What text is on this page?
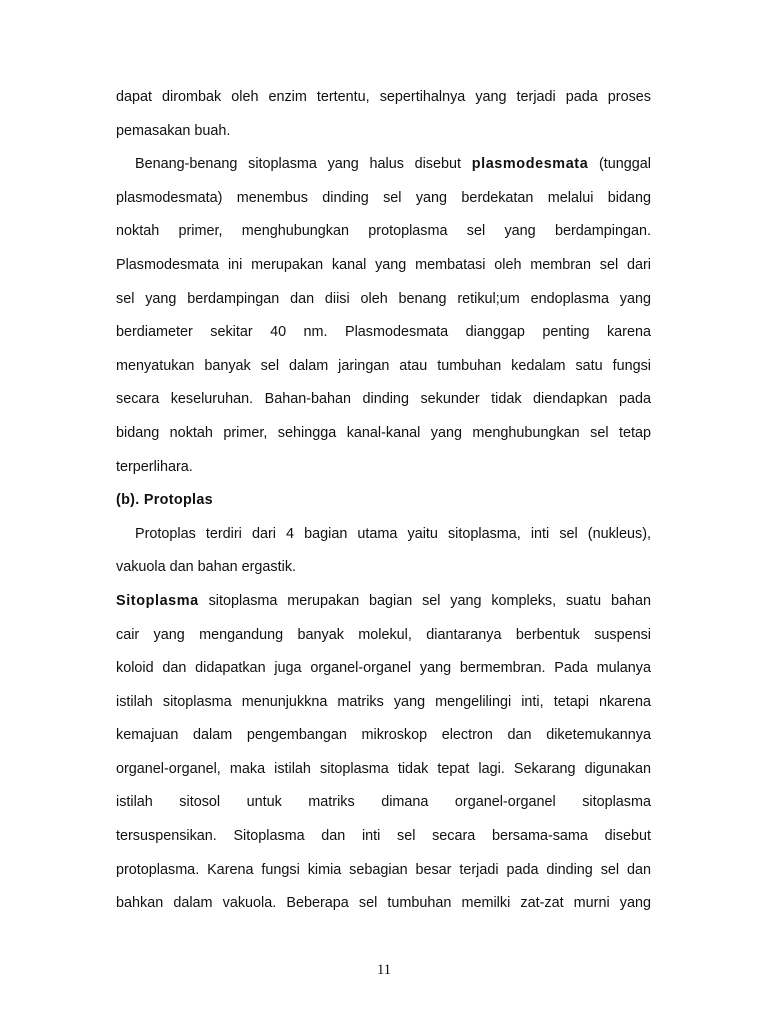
dapat dirombak oleh enzim tertentu, sepertihalnya yang terjadi pada proses
pemasakan buah.
Benang-benang sitoplasma yang halus disebut plasmodesmata (tunggal
plasmodesmata) menembus dinding sel yang berdekatan melalui bidang
noktah primer, menghubungkan protoplasma sel yang berdampingan.
Plasmodesmata ini merupakan kanal yang membatasi oleh membran sel dari
sel yang berdampingan dan diisi oleh benang retikul;um endoplasma yang
berdiameter sekitar 40 nm. Plasmodesmata dianggap penting karena
menyatukan banyak sel dalam jaringan atau tumbuhan kedalam satu fungsi
secara keseluruhan. Bahan-bahan dinding sekunder tidak diendapkan pada
bidang noktah primer, sehingga kanal-kanal yang menghubungkan sel tetap
terperlihara.
(b). Protoplas
Protoplas terdiri dari 4 bagian utama yaitu sitoplasma, inti sel (nukleus),
vakuola dan bahan ergastik.
Sitoplasma sitoplasma merupakan bagian sel yang kompleks, suatu bahan
cair yang mengandung banyak molekul, diantaranya berbentuk suspensi
koloid dan didapatkan juga organel-organel yang bermembran. Pada mulanya
istilah sitoplasma menunjukkna matriks yang mengelilingi inti, tetapi nkarena
kemajuan dalam pengembangan mikroskop electron dan diketemukannya
organel-organel, maka istilah sitoplasma tidak tepat lagi. Sekarang digunakan
istilah sitosol untuk matriks dimana organel-organel sitoplasma
tersuspensikan. Sitoplasma dan inti sel secara bersama-sama disebut
protoplasma. Karena fungsi kimia sebagian besar terjadi pada dinding sel dan
bahkan dalam vakuola. Beberapa sel tumbuhan memilki zat-zat murni yang
11
